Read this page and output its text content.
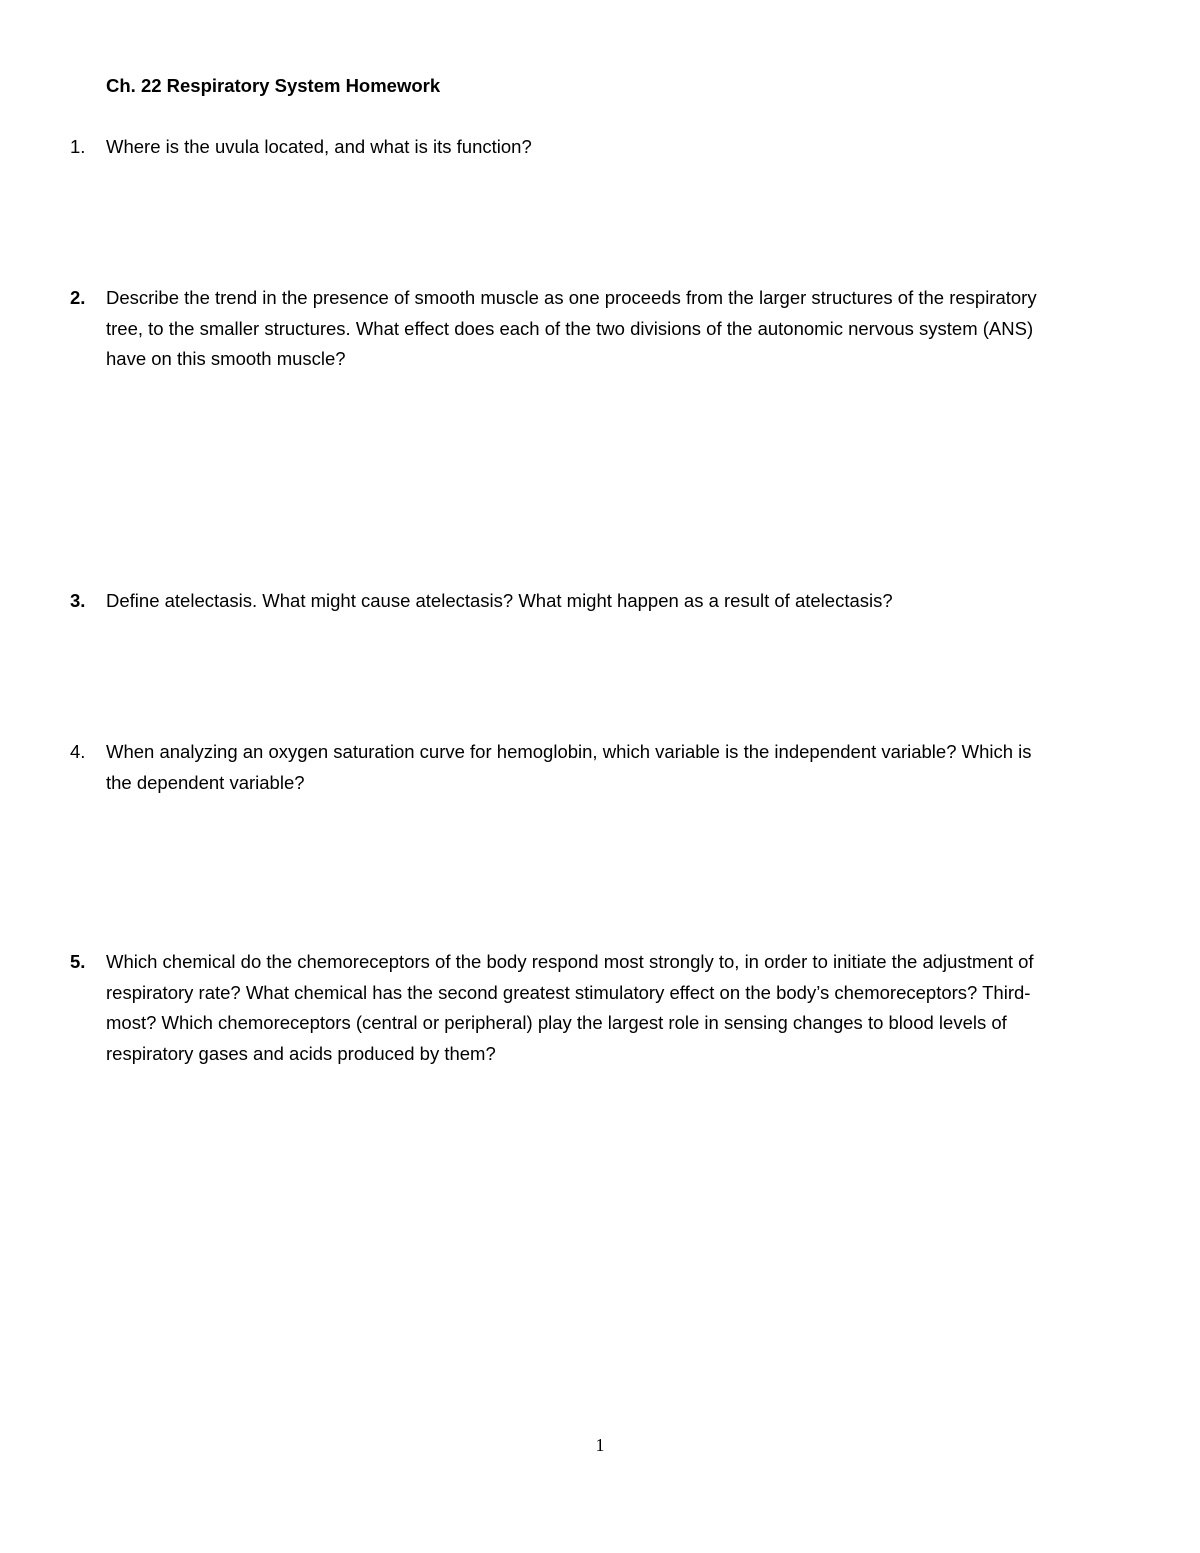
Ch. 22 Respiratory System Homework
1.	Where is the uvula located, and what is its function?
2.	Describe the trend in the presence of smooth muscle as one proceeds from the larger structures of the respiratory
tree, to the smaller structures. What effect does each of the two divisions of the autonomic nervous system (ANS)
have on this smooth muscle?
3.	Define atelectasis. What might cause atelectasis? What might happen as a result of atelectasis?
4.	When analyzing an oxygen saturation curve for hemoglobin, which variable is the independent variable? Which is
the dependent variable?
5.	Which chemical do the chemoreceptors of the body respond most strongly to, in order to initiate the adjustment of
respiratory rate? What chemical has the second greatest stimulatory effect on the body’s chemoreceptors? Third-
most? Which chemoreceptors (central or peripheral) play the largest role in sensing changes to blood levels of
respiratory gases and acids produced by them?
1
